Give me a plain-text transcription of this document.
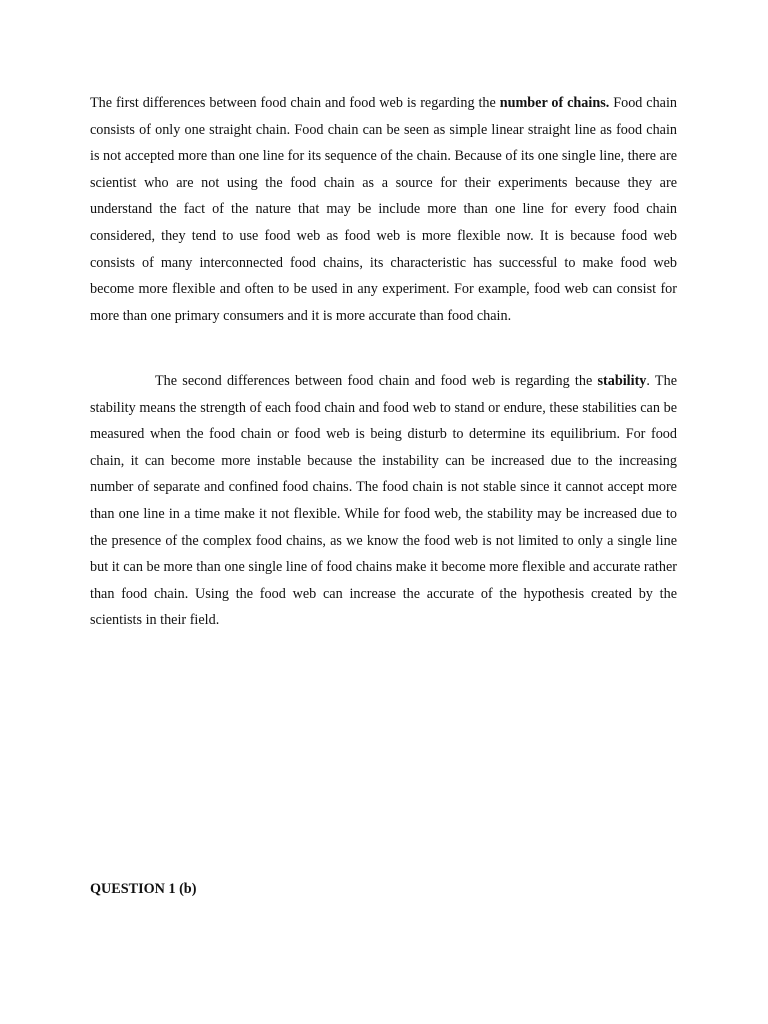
The first differences between food chain and food web is regarding the number of chains. Food chain consists of only one straight chain. Food chain can be seen as simple linear straight line as food chain is not accepted more than one line for its sequence of the chain. Because of its one single line, there are scientist who are not using the food chain as a source for their experiments because they are understand the fact of the nature that may be include more than one line for every food chain considered, they tend to use food web as food web is more flexible now. It is because food web consists of many interconnected food chains, its characteristic has successful to make food web become more flexible and often to be used in any experiment. For example, food web can consist for more than one primary consumers and it is more accurate than food chain.

The second differences between food chain and food web is regarding the stability. The stability means the strength of each food chain and food web to stand or endure, these stabilities can be measured when the food chain or food web is being disturb to determine its equilibrium. For food chain, it can become more instable because the instability can be increased due to the increasing number of separate and confined food chains. The food chain is not stable since it cannot accept more than one line in a time make it not flexible. While for food web, the stability may be increased due to the presence of the complex food chains, as we know the food web is not limited to only a single line but it can be more than one single line of food chains make it become more flexible and accurate rather than food chain. Using the food web can increase the accurate of the hypothesis created by the scientists in their field.

QUESTION 1 (b)
